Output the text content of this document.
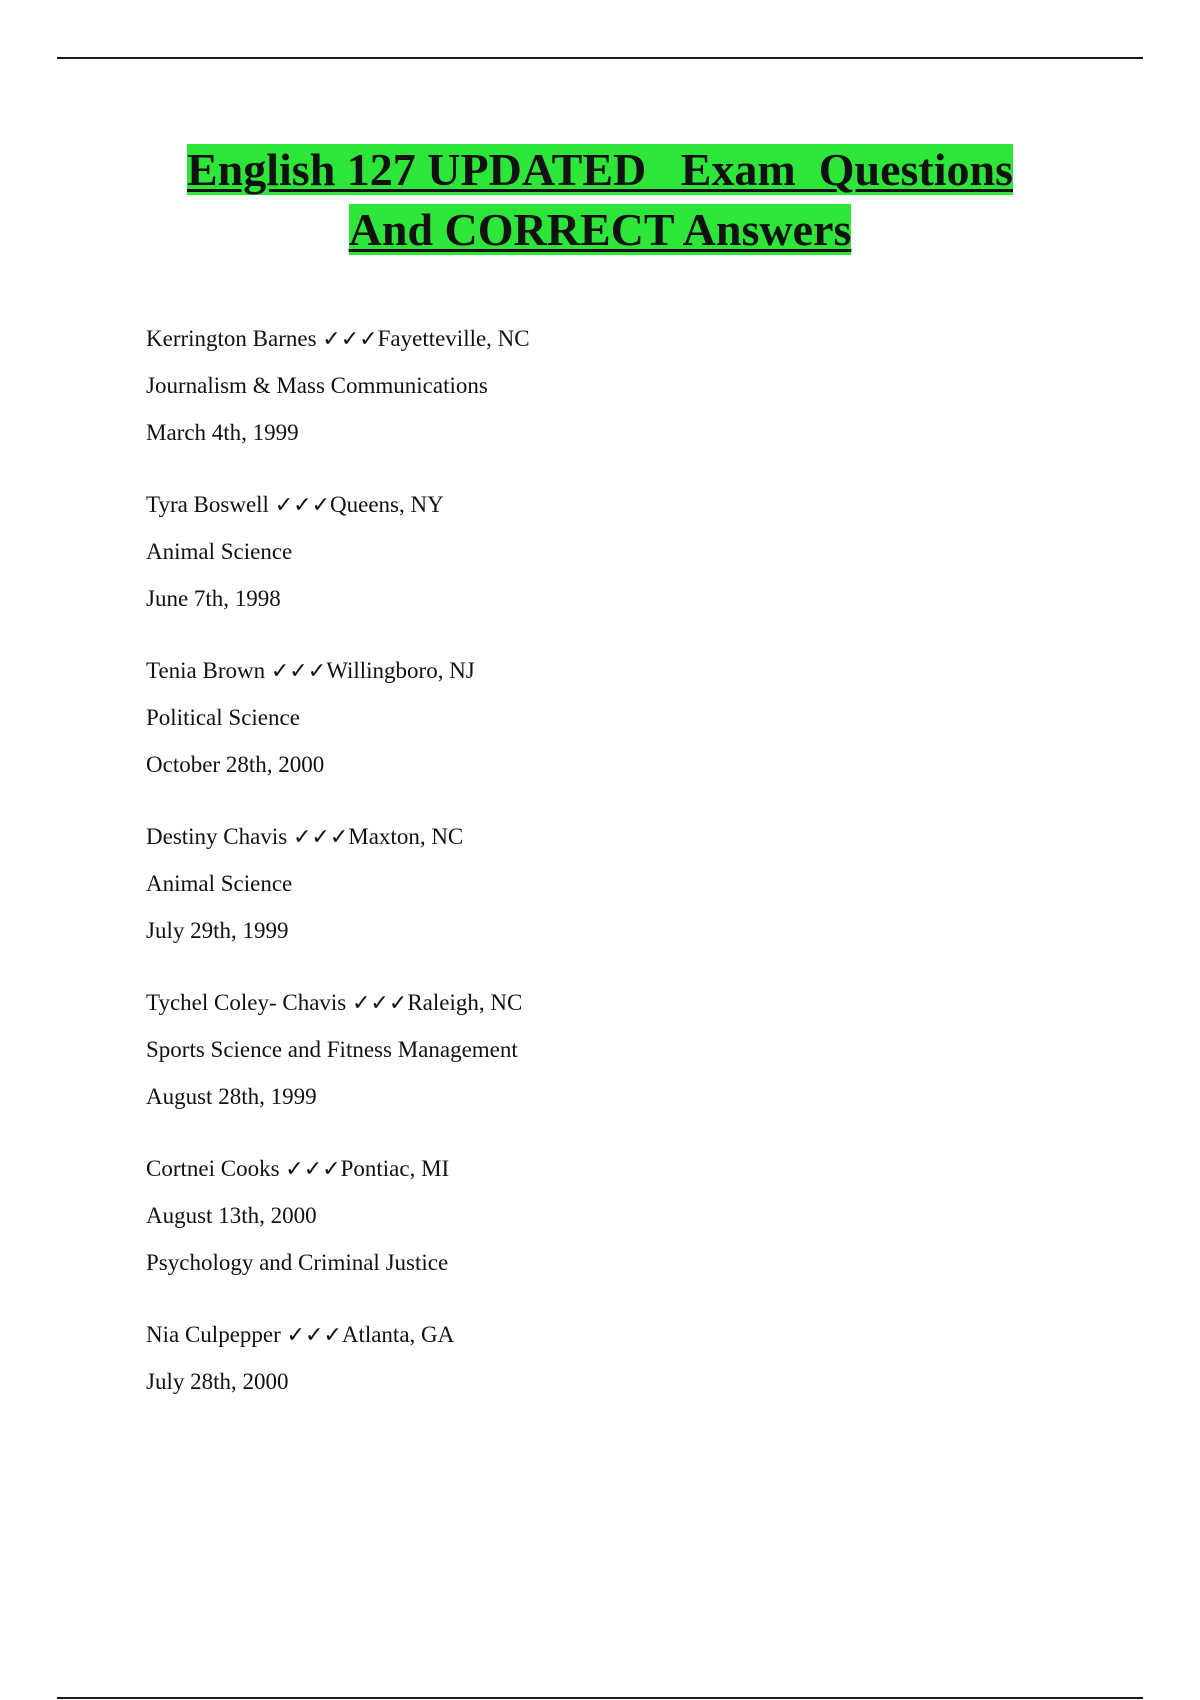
English 127 UPDATED   Exam  Questions
And CORRECT Answers
Kerrington Barnes ✓✓✓Fayetteville, NC
Journalism & Mass Communications
March 4th, 1999
Tyra Boswell ✓✓✓Queens, NY
Animal Science
June 7th, 1998
Tenia Brown ✓✓✓Willingboro, NJ
Political Science
October 28th, 2000
Destiny Chavis ✓✓✓Maxton, NC
Animal Science
July 29th, 1999
Tychel Coley- Chavis ✓✓✓Raleigh, NC
Sports Science and Fitness Management
August 28th, 1999
Cortnei Cooks ✓✓✓Pontiac, MI
August 13th, 2000
Psychology and Criminal Justice
Nia Culpepper ✓✓✓Atlanta, GA
July 28th, 2000
